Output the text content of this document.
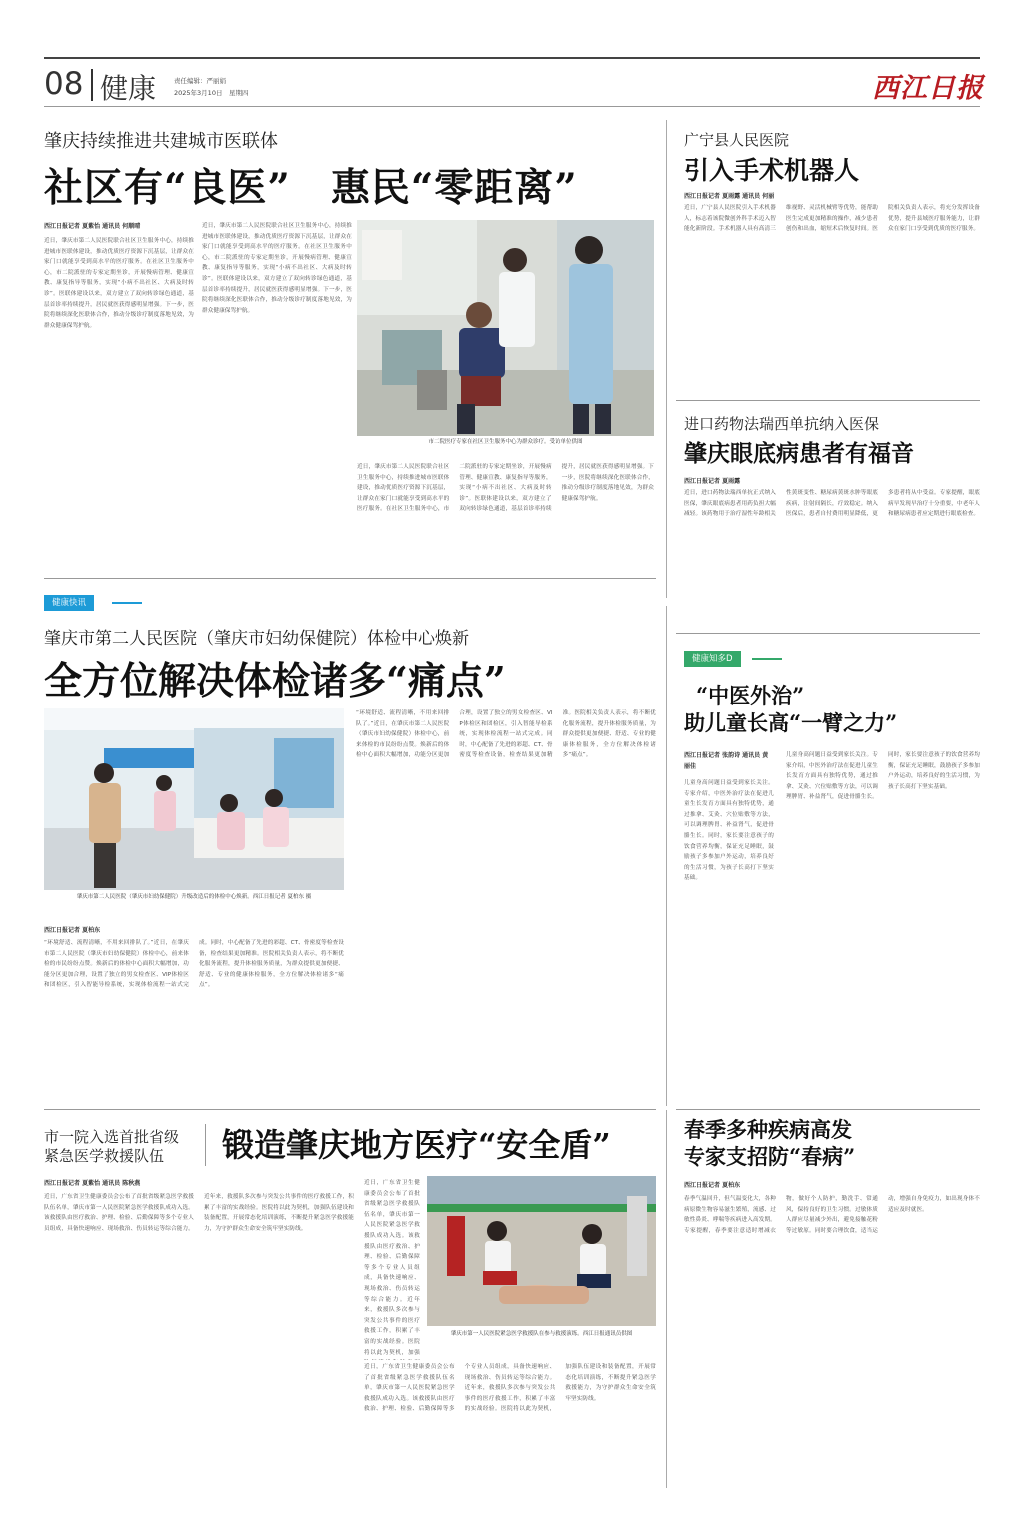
08 健康	责任编辑：严丽娟
2025年3月10日　星期四	西江日报
肇庆持续推进共建城市医联体
社区有“良医”　惠民“零距离”
西江日报记者 夏紫怡 通讯员 何顺晴
近日，肇庆市第二人民医院联合社区卫生服务中心，持续推进城市医联体建设，推动优质医疗资源下沉基层，让群众在家门口就能享受到高水平的医疗服务。在社区卫生服务中心，市二院派驻的专家定期坐诊，开展慢病管理、健康宣教、康复指导等服务，实现“小病不出社区、大病及时转诊”。医联体建设以来，双方建立了双向转诊绿色通道，基层首诊率持续提升，居民就医获得感明显增强。下一步，医院将继续深化医联体合作，推动分级诊疗制度落地见效，为群众健康保驾护航。
近日，肇庆市第二人民医院联合社区卫生服务中心，持续推进城市医联体建设，推动优质医疗资源下沉基层，让群众在家门口就能享受到高水平的医疗服务。在社区卫生服务中心，市二院派驻的专家定期坐诊，开展慢病管理、健康宣教、康复指导等服务，实现“小病不出社区、大病及时转诊”。医联体建设以来，双方建立了双向转诊绿色通道，基层首诊率持续提升，居民就医获得感明显增强。下一步，医院将继续深化医联体合作，推动分级诊疗制度落地见效，为群众健康保驾护航。
市二院医疗专家在社区卫生服务中心为群众诊疗。受访单位供图
近日，肇庆市第二人民医院联合社区卫生服务中心，持续推进城市医联体建设，推动优质医疗资源下沉基层，让群众在家门口就能享受到高水平的医疗服务。在社区卫生服务中心，市二院派驻的专家定期坐诊，开展慢病管理、健康宣教、康复指导等服务，实现“小病不出社区、大病及时转诊”。医联体建设以来，双方建立了双向转诊绿色通道，基层首诊率持续提升，居民就医获得感明显增强。下一步，医院将继续深化医联体合作，推动分级诊疗制度落地见效，为群众健康保驾护航。
广宁县人民医院
引入手术机器人
西江日报记者 夏雨露 通讯员 何丽
近日，广宁县人民医院引入手术机器人，标志着该院微创外科手术迈入智能化新阶段。手术机器人具有高清三维视野、灵活机械臂等优势，能帮助医生完成更加精准的操作，减少患者创伤和出血，缩短术后恢复时间。医院相关负责人表示，将充分发挥设备优势，提升县域医疗服务能力，让群众在家门口享受到优质的医疗服务。
进口药物法瑞西单抗纳入医保
肇庆眼底病患者有福音
西江日报记者 夏雨露
近日，进口药物法瑞西单抗正式纳入医保，肇庆眼底病患者用药负担大幅减轻。该药物用于治疗湿性年龄相关性黄斑变性、糖尿病黄斑水肿等眼底疾病，注射间隔长，疗效稳定。纳入医保后，患者自付费用明显降低，更多患者将从中受益。专家提醒，眼底病早发现早治疗十分重要，中老年人和糖尿病患者应定期进行眼底检查。
健康快讯
肇庆市第二人民医院（肇庆市妇幼保健院）体检中心焕新
全方位解决体检诸多“痛点”
肇庆市第二人民医院（肇庆市妇幼保健院）升级改造后的体检中心焕新。西江日报记者 夏柏东 摄
西江日报记者 夏柏东
“环境舒适、流程清晰，不用来回排队了。”近日，在肇庆市第二人民医院（肇庆市妇幼保健院）体检中心，前来体检的市民纷纷点赞。焕新后的体检中心面积大幅增加，功能分区更加合理，设置了独立的男女检查区、VIP体检区和团检区，引入智能导检系统，实现体检流程一站式完成。同时，中心配备了先进的彩超、CT、骨密度等检查设备，检查结果更加精准。医院相关负责人表示，将不断优化服务流程，提升体检服务质量，为群众提供更加便捷、舒适、专业的健康体检服务，全方位解决体检诸多“痛点”。
“环境舒适、流程清晰，不用来回排队了。”近日，在肇庆市第二人民医院（肇庆市妇幼保健院）体检中心，前来体检的市民纷纷点赞。焕新后的体检中心面积大幅增加，功能分区更加合理，设置了独立的男女检查区、VIP体检区和团检区，引入智能导检系统，实现体检流程一站式完成。同时，中心配备了先进的彩超、CT、骨密度等检查设备，检查结果更加精准。医院相关负责人表示，将不断优化服务流程，提升体检服务质量，为群众提供更加便捷、舒适、专业的健康体检服务，全方位解决体检诸多“痛点”。
健康知多D
“中医外治”
助儿童长高“一臂之力”
西江日报记者 张韵诗 通讯员 黄丽佳
儿童身高问题日益受到家长关注。专家介绍，中医外治疗法在促进儿童生长发育方面具有独特优势，通过推拿、艾灸、穴位贴敷等方法，可以调理脾胃、补益肾气，促进骨骼生长。同时，家长要注意孩子的饮食营养均衡，保证充足睡眠，鼓励孩子多参加户外运动，培养良好的生活习惯，为孩子长高打下坚实基础。
儿童身高问题日益受到家长关注。专家介绍，中医外治疗法在促进儿童生长发育方面具有独特优势，通过推拿、艾灸、穴位贴敷等方法，可以调理脾胃、补益肾气，促进骨骼生长。同时，家长要注意孩子的饮食营养均衡，保证充足睡眠，鼓励孩子多参加户外运动，培养良好的生活习惯，为孩子长高打下坚实基础。
市一院入选首批省级
紧急医学救援队伍 锻造肇庆地方医疗“安全盾”
西江日报记者 夏紫怡 通讯员 陈秋燕
近日，广东省卫生健康委员会公布了首批省级紧急医学救援队伍名单，肇庆市第一人民医院紧急医学救援队成功入选。该救援队由医疗救治、护理、检验、后勤保障等多个专业人员组成，具备快速响应、现场救治、伤员转运等综合能力。近年来，救援队多次参与突发公共事件的医疗救援工作，积累了丰富的实战经验。医院将以此为契机，加强队伍建设和装备配置，开展常态化培训演练，不断提升紧急医学救援能力，为守护群众生命安全筑牢坚实防线。
近日，广东省卫生健康委员会公布了首批省级紧急医学救援队伍名单，肇庆市第一人民医院紧急医学救援队成功入选。该救援队由医疗救治、护理、检验、后勤保障等多个专业人员组成，具备快速响应、现场救治、伤员转运等综合能力。近年来，救援队多次参与突发公共事件的医疗救援工作，积累了丰富的实战经验。医院将以此为契机，加强
肇庆市第一人民医院紧急医学救援队在参与救援演练。西江日报通讯员供图
近日，广东省卫生健康委员会公布了首批省级紧急医学救援队伍名单，肇庆市第一人民医院紧急医学救援队成功入选。该救援队由医疗救治、护理、检验、后勤保障等多个专业人员组成，具备快速响应、现场救治、伤员转运等综合能力。近年来，救援队多次参与突发公共事件的医疗救援工作，积累了丰富的实战经验。医院将以此为契机，加强队伍建设和装备配置，开展常态化培训演练，不断提升紧急医学救援能力，为守护群众生命安全筑牢坚实防线。
春季多种疾病高发
专家支招防“春病”
西江日报记者 夏柏东
春季气温回升，但气温变化大，各种病原微生物容易滋生繁殖，流感、过敏性鼻炎、哮喘等疾病进入高发期。专家提醒，春季要注意适时增减衣物，做好个人防护，勤洗手、常通风，保持良好的卫生习惯。过敏体质人群应尽量减少外出，避免接触花粉等过敏原。同时要合理饮食，适当运动，增强自身免疫力，如出现身体不适应及时就医。
